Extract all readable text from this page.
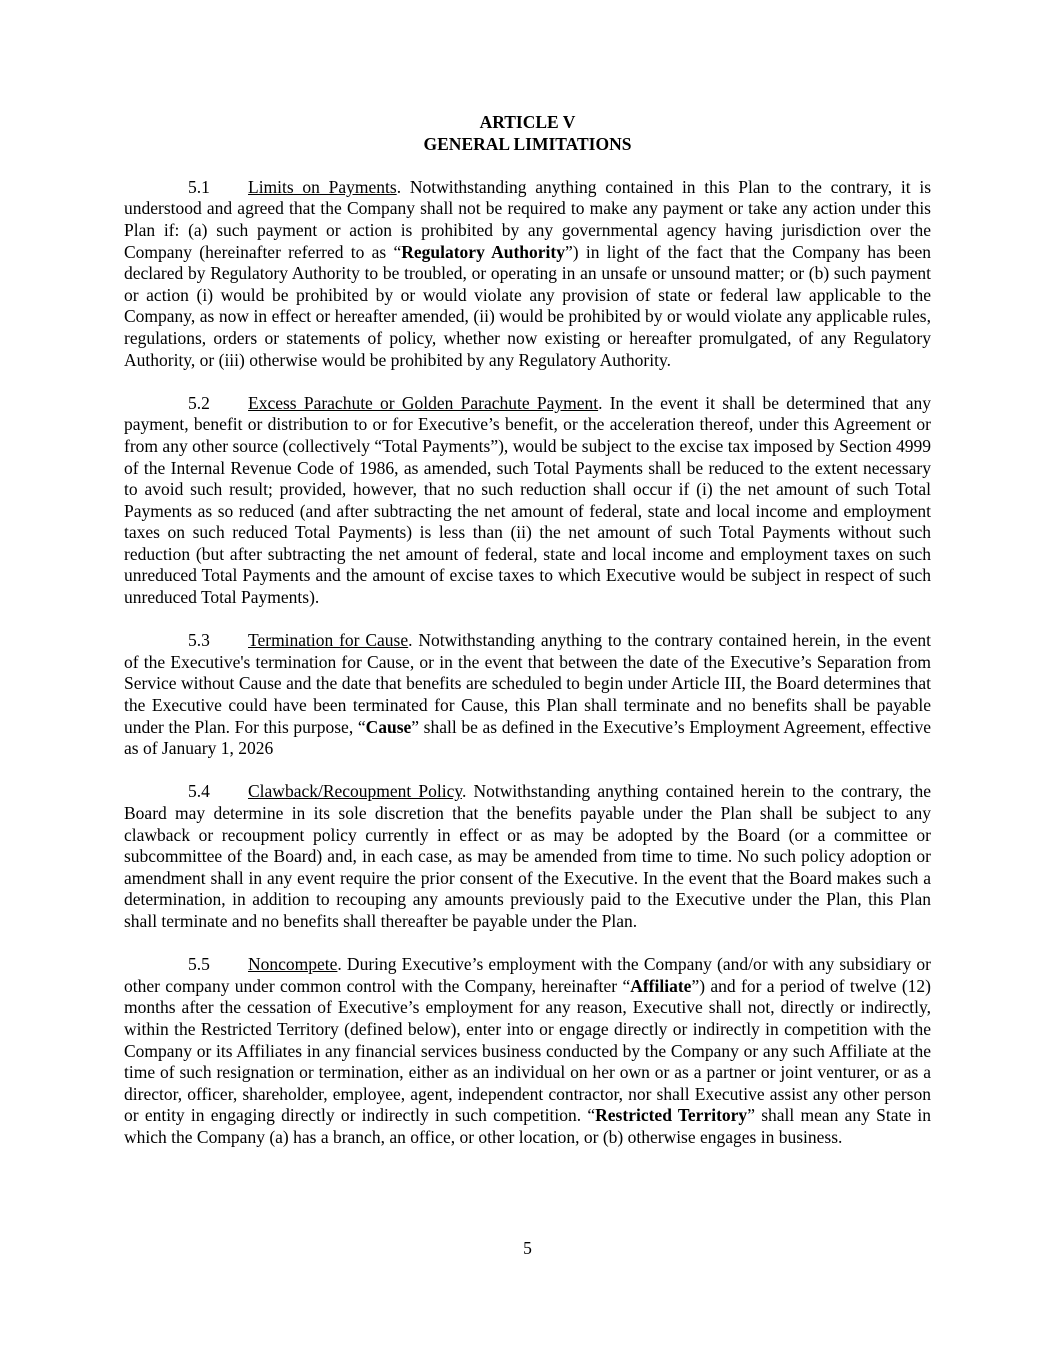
ARTICLE V
GENERAL LIMITATIONS

5.1 Limits on Payments. Notwithstanding anything contained in this Plan to the contrary, it is understood and agreed that the Company shall not be required to make any payment or take any action under this Plan if: (a) such payment or action is prohibited by any governmental agency having jurisdiction over the Company (hereinafter referred to as “Regulatory Authority”) in light of the fact that the Company has been declared by Regulatory Authority to be troubled, or operating in an unsafe or unsound matter; or (b) such payment or action (i) would be prohibited by or would violate any provision of state or federal law applicable to the Company, as now in effect or hereafter amended, (ii) would be prohibited by or would violate any applicable rules, regulations, orders or statements of policy, whether now existing or hereafter promulgated, of any Regulatory Authority, or (iii) otherwise would be prohibited by any Regulatory Authority.

5.2 Excess Parachute or Golden Parachute Payment. In the event it shall be determined that any payment, benefit or distribution to or for Executive’s benefit, or the acceleration thereof, under this Agreement or from any other source (collectively “Total Payments”), would be subject to the excise tax imposed by Section 4999 of the Internal Revenue Code of 1986, as amended, such Total Payments shall be reduced to the extent necessary to avoid such result; provided, however, that no such reduction shall occur if (i) the net amount of such Total Payments as so reduced (and after subtracting the net amount of federal, state and local income and employment taxes on such reduced Total Payments) is less than (ii) the net amount of such Total Payments without such reduction (but after subtracting the net amount of federal, state and local income and employment taxes on such unreduced Total Payments and the amount of excise taxes to which Executive would be subject in respect of such unreduced Total Payments).

5.3 Termination for Cause. Notwithstanding anything to the contrary contained herein, in the event of the Executive's termination for Cause, or in the event that between the date of the Executive’s Separation from Service without Cause and the date that benefits are scheduled to begin under Article III, the Board determines that the Executive could have been terminated for Cause, this Plan shall terminate and no benefits shall be payable under the Plan. For this purpose, “Cause” shall be as defined in the Executive’s Employment Agreement, effective as of January 1, 2026

5.4 Clawback/Recoupment Policy. Notwithstanding anything contained herein to the contrary, the Board may determine in its sole discretion that the benefits payable under the Plan shall be subject to any clawback or recoupment policy currently in effect or as may be adopted by the Board (or a committee or subcommittee of the Board) and, in each case, as may be amended from time to time. No such policy adoption or amendment shall in any event require the prior consent of the Executive. In the event that the Board makes such a determination, in addition to recouping any amounts previously paid to the Executive under the Plan, this Plan shall terminate and no benefits shall thereafter be payable under the Plan.

5.5 Noncompete. During Executive’s employment with the Company (and/or with any subsidiary or other company under common control with the Company, hereinafter “Affiliate”) and for a period of twelve (12) months after the cessation of Executive’s employment for any reason, Executive shall not, directly or indirectly, within the Restricted Territory (defined below), enter into or engage directly or indirectly in competition with the Company or its Affiliates in any financial services business conducted by the Company or any such Affiliate at the time of such resignation or termination, either as an individual on her own or as a partner or joint venturer, or as a director, officer, shareholder, employee, agent, independent contractor, nor shall Executive assist any other person or entity in engaging directly or indirectly in such competition. “Restricted Territory” shall mean any State in which the Company (a) has a branch, an office, or other location, or (b) otherwise engages in business.

5
